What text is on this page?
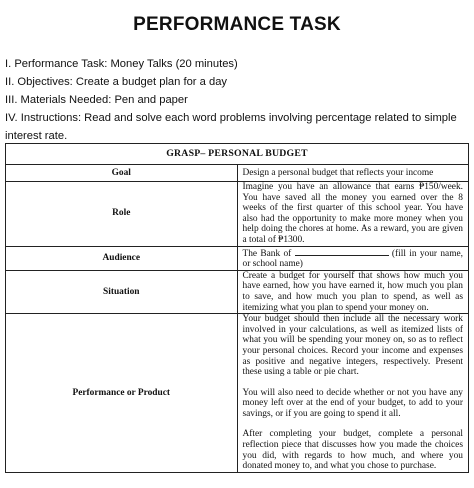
PERFORMANCE TASK
I. Performance Task: Money Talks (20 minutes)
II. Objectives: Create a budget plan for a day
III. Materials Needed: Pen and paper
IV. Instructions: Read and solve each word problems involving percentage related to simple interest rate.
GRASP– PERSONAL BUDGET	
Goal	Design a personal budget that reflects your income
Role	Imagine you have an allowance that earns ₱150/week. You have saved all the money you earned over the 8 weeks of the first quarter of this school year. You have also had the opportunity to make more money when you help doing the chores at home. As a reward, you are given a total of ₱1300.
Audience	The Bank of (fill in your name, or school name)
Situation	Create a budget for yourself that shows how much you have earned, how you have earned it, how much you plan to save, and how much you plan to spend, as well as itemizing what you plan to spend your money on.
Performance or Product	Your budget should then include all the necessary work involved in your calculations, as well as itemized lists of what you will be spending your money on, so as to reflect your personal choices. Record your income and expenses as positive and negative integers, respectively. Present these using a table or pie chart.

You will also need to decide whether or not you have any money left over at the end of your budget, to add to your savings, or if you are going to spend it all.

After completing your budget, complete a personal reflection piece that discusses how you made the choices you did, with regards to how much, and where you donated money to, and what you chose to purchase.
